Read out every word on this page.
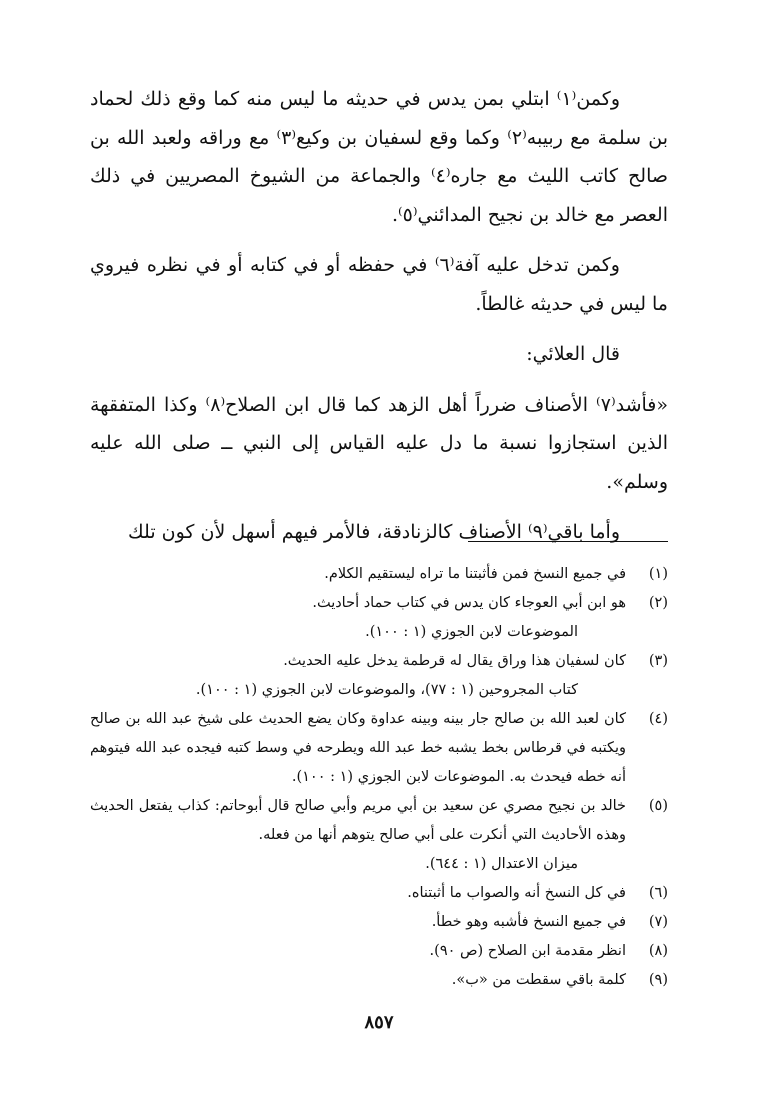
وكمن⁽١⁾ ابتلي بمن يدس في حديثه ما ليس منه كما وقع ذلك لحماد بن سلمة مع ربيبه⁽٢⁾ وكما وقع لسفيان بن وكيع⁽٣⁾ مع وراقه ولعبد الله بن صالح كاتب الليث مع جاره⁽٤⁾ والجماعة من الشيوخ المصريين في ذلك العصر مع خالد بن نجيح المدائني⁽٥⁾.

وكمن تدخل عليه آفة⁽٦⁾ في حفظه أو في كتابه أو في نظره فيروي ما ليس في حديثه غالطاً.

قال العلائي:

«فأشد⁽٧⁾ الأصناف ضرراً أهل الزهد كما قال ابن الصلاح⁽٨⁾ وكذا المتفقهة الذين استجازوا نسبة ما دل عليه القياس إلى النبي ــ صلى الله عليه وسلم».

وأما باقي⁽٩⁾ الأصناف كالزنادقة، فالأمر فيهم أسهل لأن كون تلك

(١)
في جميع النسخ فمن فأثبتنا ما تراه ليستقيم الكلام.
(٢)
هو ابن أبي العوجاء كان يدس في كتاب حماد أحاديث.
الموضوعات لابن الجوزي (١ : ١٠٠).
(٣)
كان لسفيان هذا وراق يقال له قرطمة يدخل عليه الحديث.
كتاب المجروحين (١ : ٧٧)، والموضوعات لابن الجوزي (١ : ١٠٠).
(٤)
كان لعبد الله بن صالح جار بينه وبينه عداوة وكان يضع الحديث على شيخ عبد الله بن صالح ويكتبه في قرطاس بخط يشبه خط عبد الله ويطرحه في وسط كتبه فيجده عبد الله فيتوهم أنه خطه فيحدث به. الموضوعات لابن الجوزي (١ : ١٠٠).
(٥)
خالد بن نجيح مصري عن سعيد بن أبي مريم وأبي صالح قال أبوحاتم: كذاب يفتعل الحديث وهذه الأحاديث التي أنكرت على أبي صالح يتوهم أنها من فعله.
ميزان الاعتدال (١ : ٦٤٤).
(٦)
في كل النسخ أنه والصواب ما أثبتناه.
(٧)
في جميع النسخ فأشبه وهو خطأ.
(٨)
انظر مقدمة ابن الصلاح (ص ٩٠).
(٩)
كلمة باقي سقطت من «ب».
٨٥٧
